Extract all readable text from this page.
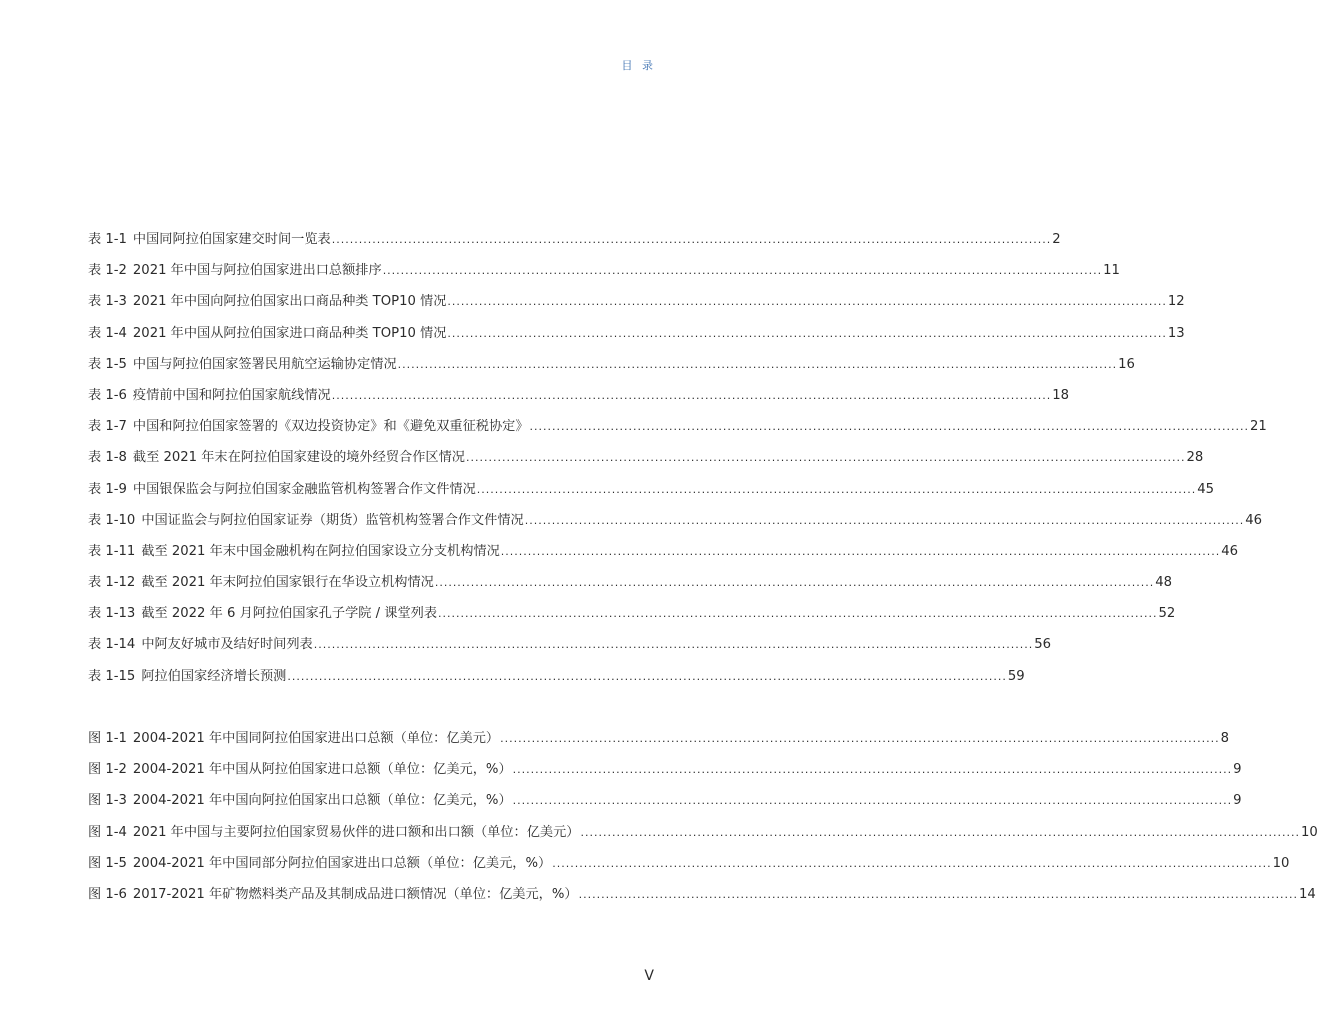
目 录
表 1-1 中国同阿拉伯国家建交时间一览表 .....	2
表 1-2 2021 年中国与阿拉伯国家进出口总额排序 .....	11
表 1-3 2021 年中国向阿拉伯国家出口商品种类 TOP10 情况 .....	12
表 1-4 2021 年中国从阿拉伯国家进口商品种类 TOP10 情况 .....	13
表 1-5 中国与阿拉伯国家签署民用航空运输协定情况 .....	16
表 1-6 疫情前中国和阿拉伯国家航线情况 .....	18
表 1-7 中国和阿拉伯国家签署的《双边投资协定》和《避免双重征税协定》 .....	21
表 1-8 截至 2021 年末在阿拉伯国家建设的境外经贸合作区情况 .....	28
表 1-9 中国银保监会与阿拉伯国家金融监管机构签署合作文件情况 .....	45
表 1-10 中国证监会与阿拉伯国家证券（期货）监管机构签署合作文件情况 .....	46
表 1-11 截至 2021 年末中国金融机构在阿拉伯国家设立分支机构情况 .....	46
表 1-12 截至 2021 年末阿拉伯国家银行在华设立机构情况 .....	48
表 1-13 截至 2022 年 6 月阿拉伯国家孔子学院 / 课堂列表 .....	52
表 1-14 中阿友好城市及结好时间列表 .....	56
表 1-15 阿拉伯国家经济增长预测 .....	59
图 1-1 2004-2021 年中国同阿拉伯国家进出口总额（单位：亿美元） .....	8
图 1-2 2004-2021 年中国从阿拉伯国家进口总额（单位：亿美元，%） .....	9
图 1-3 2004-2021 年中国向阿拉伯国家出口总额（单位：亿美元，%） .....	9
图 1-4 2021 年中国与主要阿拉伯国家贸易伙伴的进口额和出口额（单位：亿美元） .....	10
图 1-5 2004-2021 年中国同部分阿拉伯国家进出口总额（单位：亿美元，%） .....	10
图 1-6 2017-2021 年矿物燃料类产品及其制成品进口额情况（单位：亿美元，%） .....	14
V
